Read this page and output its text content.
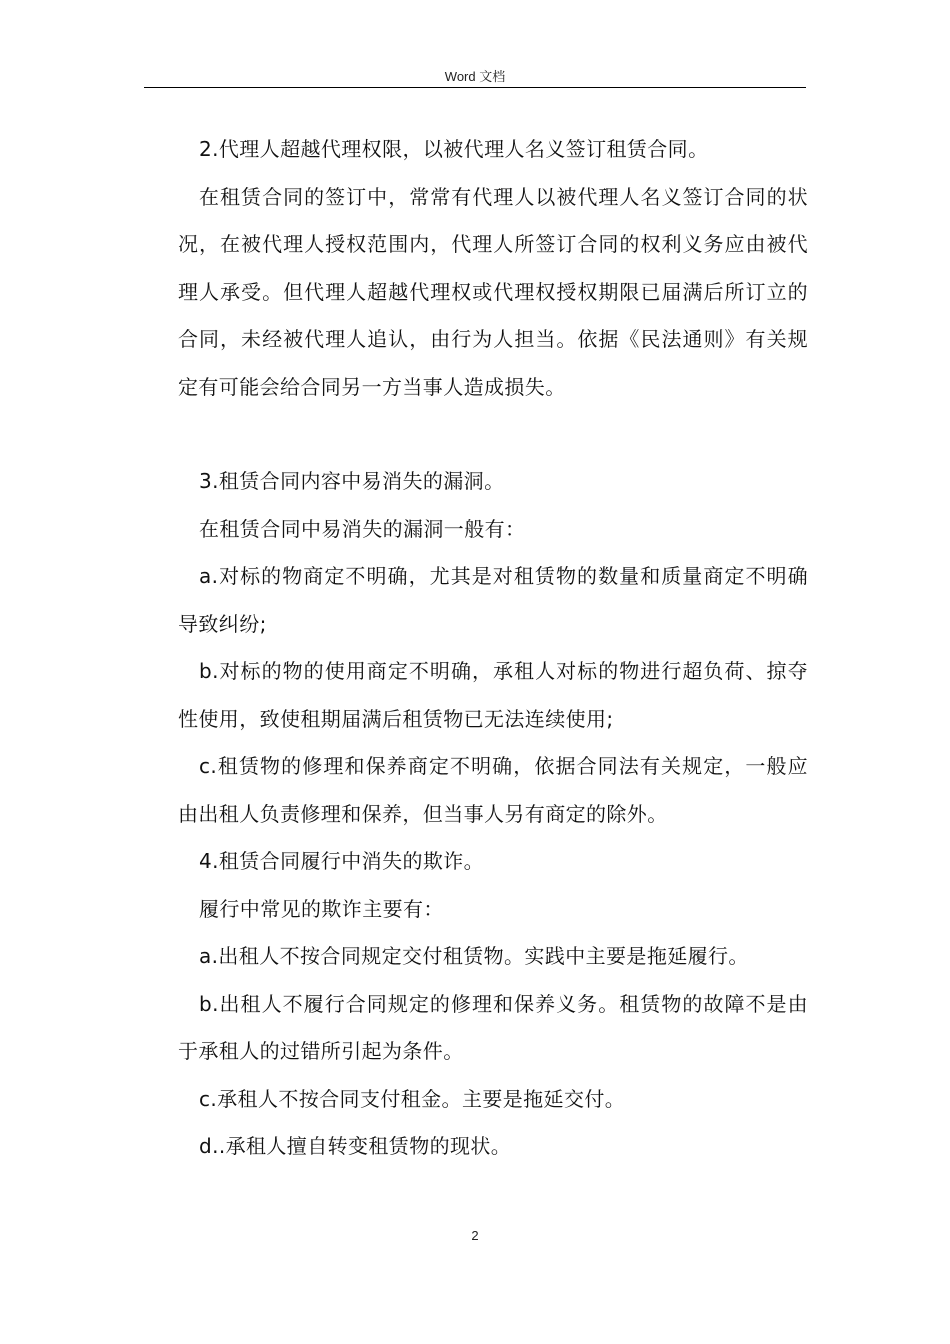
Word 文档

2.代理人超越代理权限，以被代理人名义签订租赁合同。

在租赁合同的签订中，常常有代理人以被代理人名义签订合同的状况，在被代理人授权范围内，代理人所签订合同的权利义务应由被代理人承受。但代理人超越代理权或代理权授权期限已届满后所订立的合同，未经被代理人追认，由行为人担当。依据《民法通则》有关规定有可能会给合同另一方当事人造成损失。

3.租赁合同内容中易消失的漏洞。

在租赁合同中易消失的漏洞一般有：

a.对标的物商定不明确，尤其是对租赁物的数量和质量商定不明确导致纠纷;

b.对标的物的使用商定不明确，承租人对标的物进行超负荷、掠夺性使用，致使租期届满后租赁物已无法连续使用;

c.租赁物的修理和保养商定不明确，依据合同法有关规定，一般应由出租人负责修理和保养，但当事人另有商定的除外。

4.租赁合同履行中消失的欺诈。

履行中常见的欺诈主要有：

a.出租人不按合同规定交付租赁物。实践中主要是拖延履行。

b.出租人不履行合同规定的修理和保养义务。租赁物的故障不是由于承租人的过错所引起为条件。

c.承租人不按合同支付租金。主要是拖延交付。

d..承租人擅自转变租赁物的现状。

2
